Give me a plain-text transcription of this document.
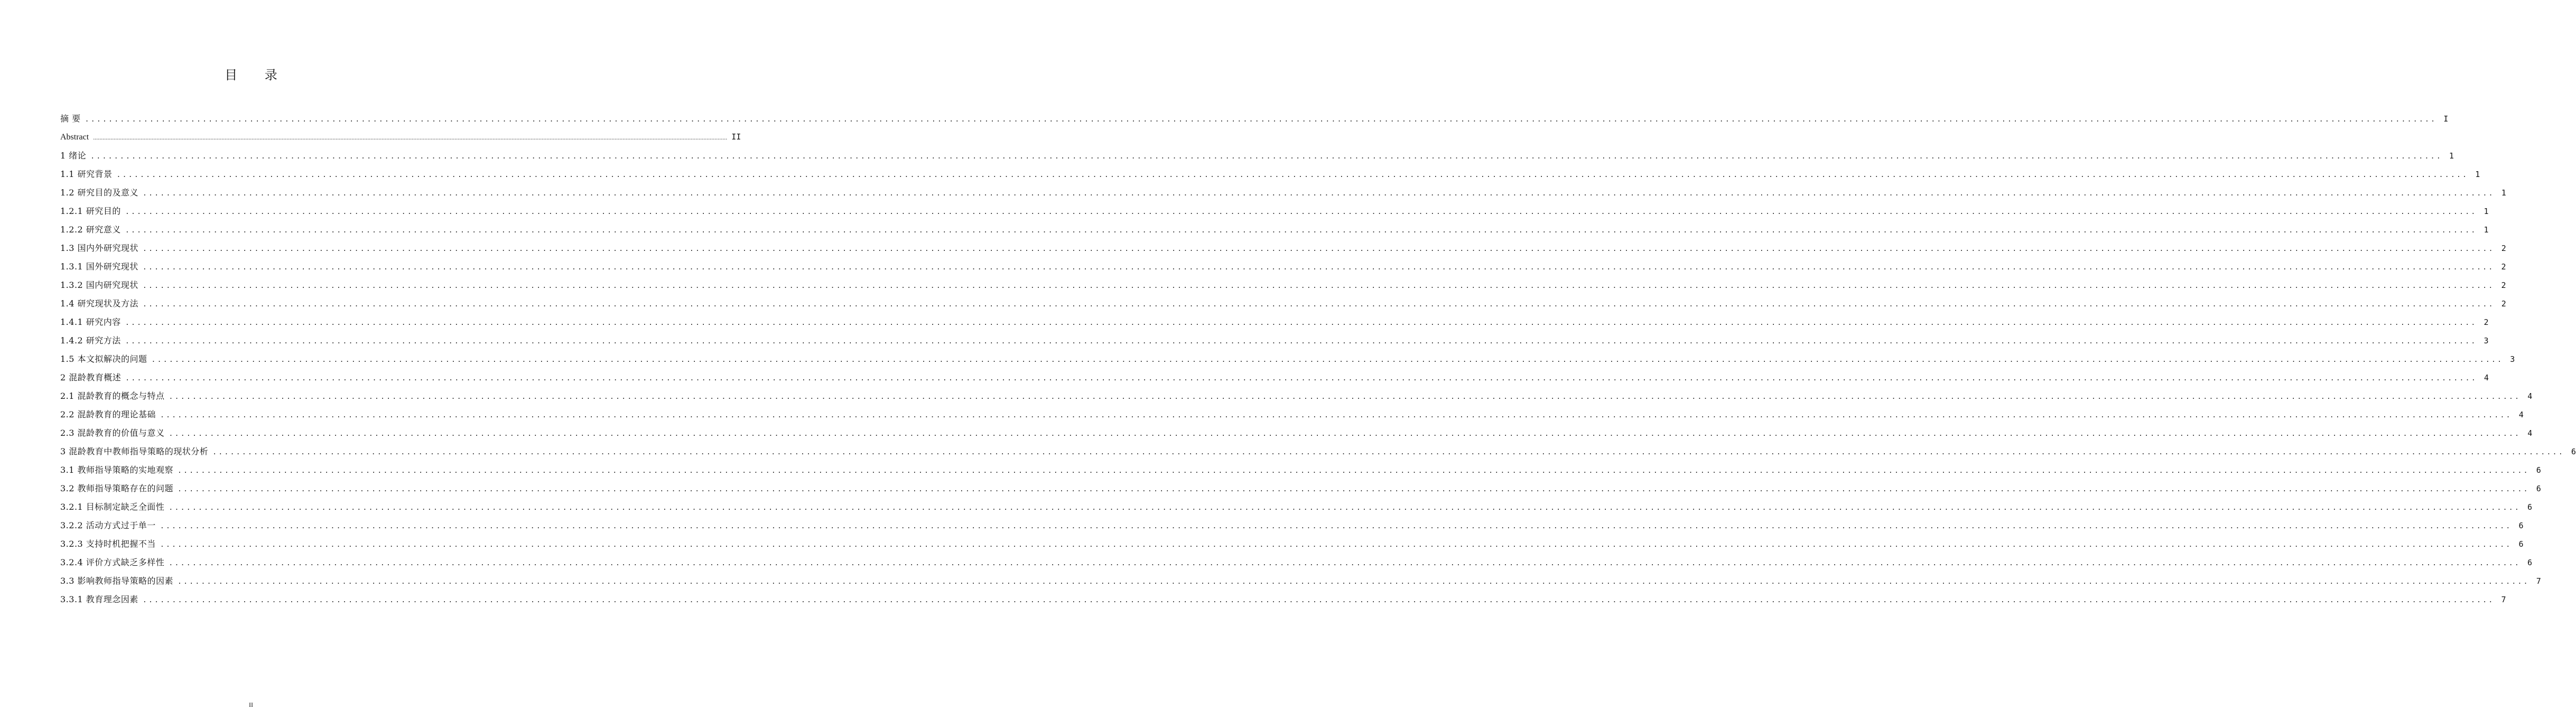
目 录
摘 要 ................................................................................................................................................................................................................................................................................................................................................................................................................ I
Abstract ................................................................................................................................................................................................................................................................................................................................................................................................................ II
1 绪论 ................................................................................................................................................................................................................................................................................................................................................................................................................ 1
1.1 研究背景 ................................................................................................................................................................................................................................................................................................................................................................................................................ 1
1.2 研究目的及意义 ................................................................................................................................................................................................................................................................................................................................................................................................................ 1
1.2.1 研究目的 ................................................................................................................................................................................................................................................................................................................................................................................................................ 1
1.2.2 研究意义 ................................................................................................................................................................................................................................................................................................................................................................................................................ 1
1.3 国内外研究现状 ................................................................................................................................................................................................................................................................................................................................................................................................................ 2
1.3.1 国外研究现状 ................................................................................................................................................................................................................................................................................................................................................................................................................ 2
1.3.2 国内研究现状 ................................................................................................................................................................................................................................................................................................................................................................................................................ 2
1.4 研究现状及方法 ................................................................................................................................................................................................................................................................................................................................................................................................................ 2
1.4.1 研究内容 ................................................................................................................................................................................................................................................................................................................................................................................................................ 2
1.4.2 研究方法 ................................................................................................................................................................................................................................................................................................................................................................................................................ 3
1.5 本文拟解决的问题 ................................................................................................................................................................................................................................................................................................................................................................................................................ 3
2 混龄教育概述 ................................................................................................................................................................................................................................................................................................................................................................................................................ 4
2.1 混龄教育的概念与特点 ................................................................................................................................................................................................................................................................................................................................................................................................................ 4
2.2 混龄教育的理论基础 ................................................................................................................................................................................................................................................................................................................................................................................................................ 4
2.3 混龄教育的价值与意义 ................................................................................................................................................................................................................................................................................................................................................................................................................ 4
3 混龄教育中教师指导策略的现状分析 ................................................................................................................................................................................................................................................................................................................................................................................................................ 6
3.1 教师指导策略的实地观察 ................................................................................................................................................................................................................................................................................................................................................................................................................ 6
3.2 教师指导策略存在的问题 ................................................................................................................................................................................................................................................................................................................................................................................................................ 6
3.2.1 目标制定缺乏全面性 ................................................................................................................................................................................................................................................................................................................................................................................................................ 6
3.2.2 活动方式过于单一 ................................................................................................................................................................................................................................................................................................................................................................................................................ 6
3.2.3 支持时机把握不当 ................................................................................................................................................................................................................................................................................................................................................................................................................ 6
3.2.4 评价方式缺乏多样性 ................................................................................................................................................................................................................................................................................................................................................................................................................ 6
3.3 影响教师指导策略的因素 ................................................................................................................................................................................................................................................................................................................................................................................................................ 7
3.3.1 教育理念因素 ................................................................................................................................................................................................................................................................................................................................................................................................................ 7
II
